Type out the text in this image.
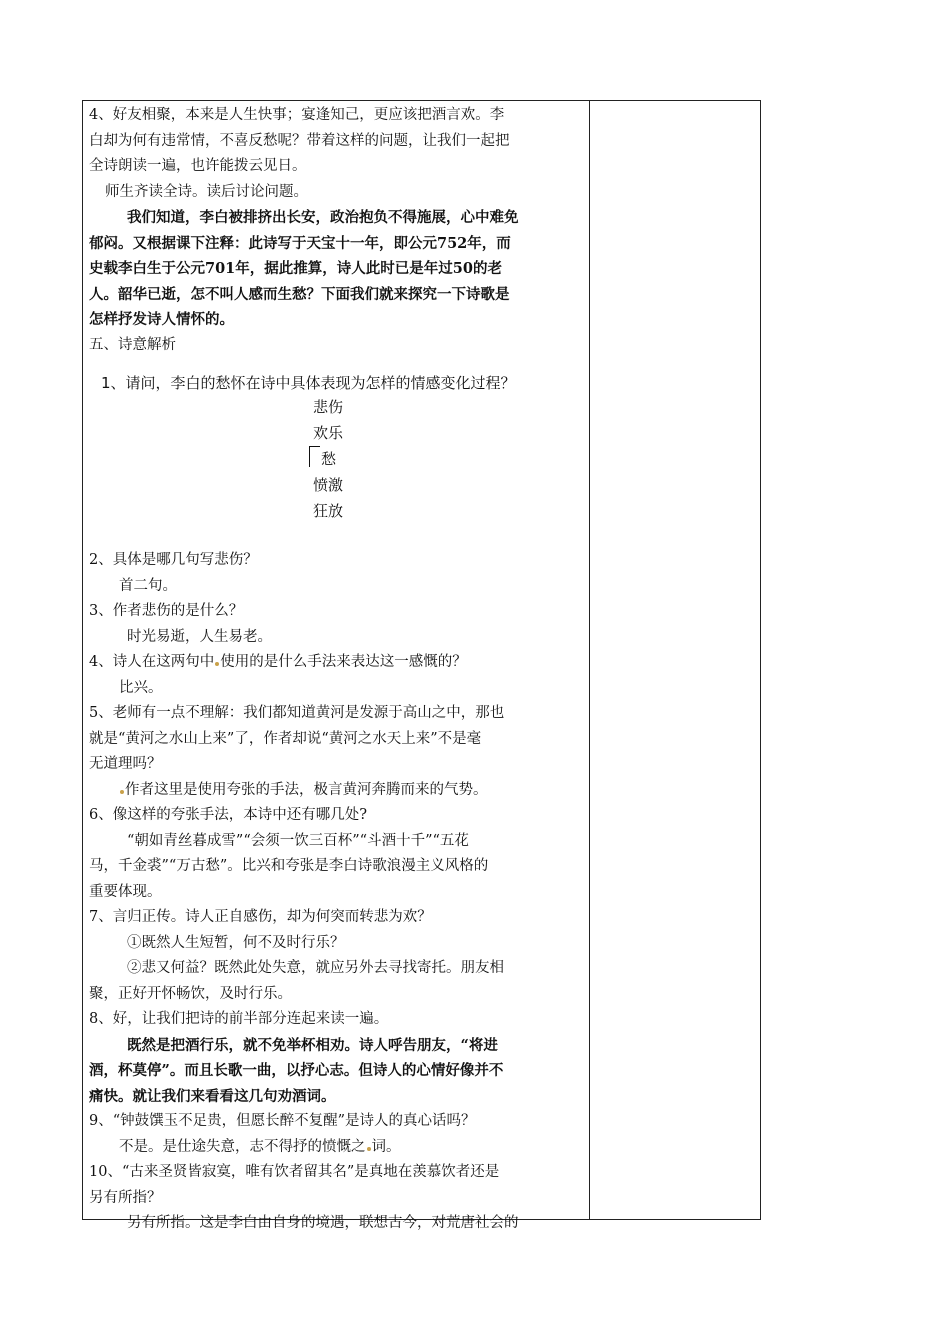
4、好友相聚，本来是人生快事；宴逢知己，更应该把酒言欢。李

白却为何有违常情，不喜反愁呢？带着这样的问题，让我们一起把

全诗朗读一遍，也许能拨云见日。

师生齐读全诗。读后讨论问题。

我们知道，李白被排挤出长安，政治抱负不得施展，心中难免

郁闷。又根据课下注释：此诗写于天宝十一年，即公元752年，而

史载李白生于公元701年，据此推算，诗人此时已是年过50的老

人。韶华已逝，怎不叫人感而生愁？下面我们就来探究一下诗歌是

怎样抒发诗人情怀的。

五、诗意解析

1、请问，李白的愁怀在诗中具体表现为怎样的情感变化过程？
悲伤
欢乐
愁
愤激
狂放

2、具体是哪几句写悲伤？

首二句。

3、作者悲伤的是什么？

时光易逝，人生易老。

4、诗人在这两句中 使用的是什么手法来表达这一感慨的？

比兴。

5、老师有一点不理解：我们都知道黄河是发源于高山之中，那也

就是“黄河之水山上来”了，作者却说“黄河之水天上来”不是毫

无道理吗？

作者这里是使用夸张的手法，极言黄河奔腾而来的气势。

6、像这样的夸张手法，本诗中还有哪几处?

“朝如青丝暮成雪”“会须一饮三百杯”“斗酒十千”“五花

马，千金裘”“万古愁”。比兴和夸张是李白诗歌浪漫主义风格的

重要体现。

7、言归正传。诗人正自感伤，却为何突而转悲为欢？

①既然人生短暂，何不及时行乐？

②悲又何益？既然此处失意，就应另外去寻找寄托。朋友相

聚，正好开怀畅饮，及时行乐。

8、好，让我们把诗的前半部分连起来读一遍。

既然是把酒行乐，就不免举杯相劝。诗人呼告朋友，“将进

酒，杯莫停”。而且长歌一曲，以抒心志。但诗人的心情好像并不

痛快。就让我们来看看这几句劝酒词。

9、“钟鼓馔玉不足贵，但愿长醉不复醒”是诗人的真心话吗？

不是。是仕途失意，志不得抒的愤慨之 词。

10、“古来圣贤皆寂寞，唯有饮者留其名”是真地在羡慕饮者还是

另有所指？

另有所指。这是李白由自身的境遇，联想古今，对荒唐社会的
